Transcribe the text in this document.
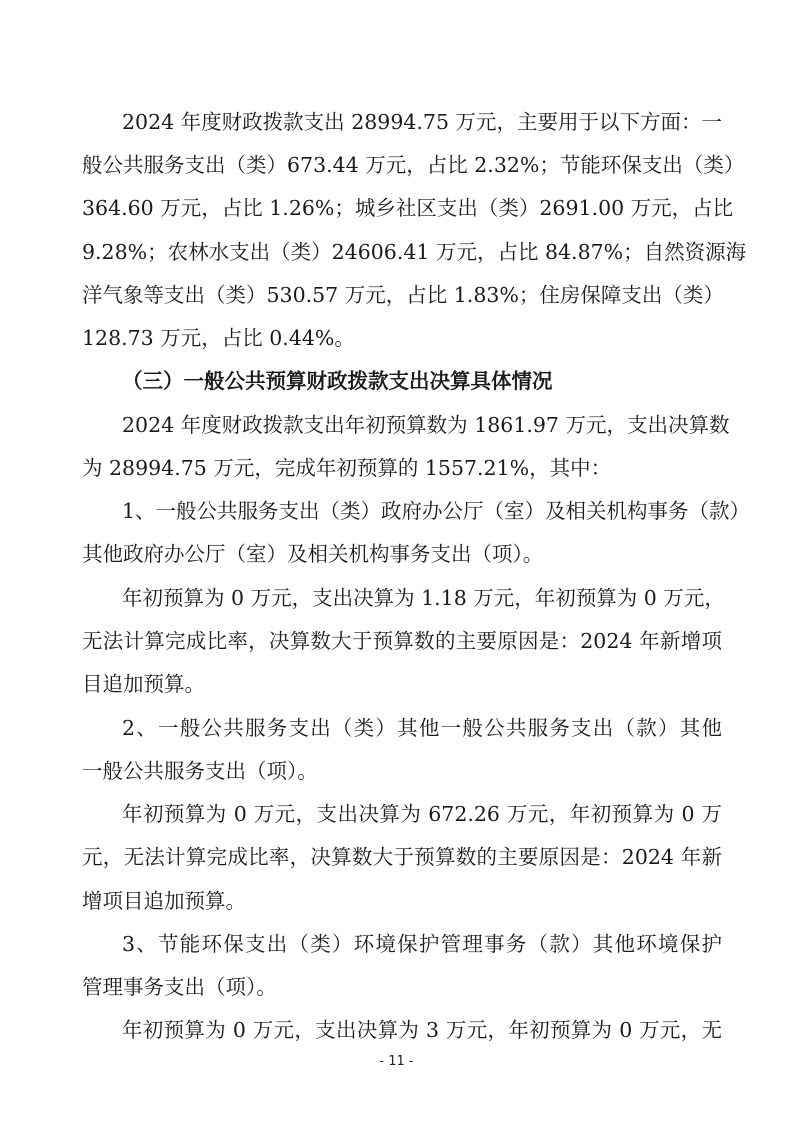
2024 年度财政拨款支出 28994.75 万元，主要用于以下方面：一
般公共服务支出（类）673.44 万元，占比 2.32%；节能环保支出（类）
364.60 万元，占比 1.26%；城乡社区支出（类）2691.00 万元，占比
9.28%；农林水支出（类）24606.41 万元，占比 84.87%；自然资源海
洋气象等支出（类）530.57 万元，占比 1.83%；住房保障支出（类）
128.73 万元，占比 0.44%。
（三）一般公共预算财政拨款支出决算具体情况
2024 年度财政拨款支出年初预算数为 1861.97 万元，支出决算数
为 28994.75 万元，完成年初预算的 1557.21%，其中：
1、一般公共服务支出（类）政府办公厅（室）及相关机构事务（款）
其他政府办公厅（室）及相关机构事务支出（项）。
年初预算为 0 万元，支出决算为 1.18 万元，年初预算为 0 万元，
无法计算完成比率，决算数大于预算数的主要原因是：2024 年新增项
目追加预算。
2、一般公共服务支出（类）其他一般公共服务支出（款）其他
一般公共服务支出（项）。
年初预算为 0 万元，支出决算为 672.26 万元，年初预算为 0 万
元，无法计算完成比率，决算数大于预算数的主要原因是：2024 年新
增项目追加预算。
3、节能环保支出（类）环境保护管理事务（款）其他环境保护
管理事务支出（项）。
年初预算为 0 万元，支出决算为 3 万元，年初预算为 0 万元，无
- 11 -
